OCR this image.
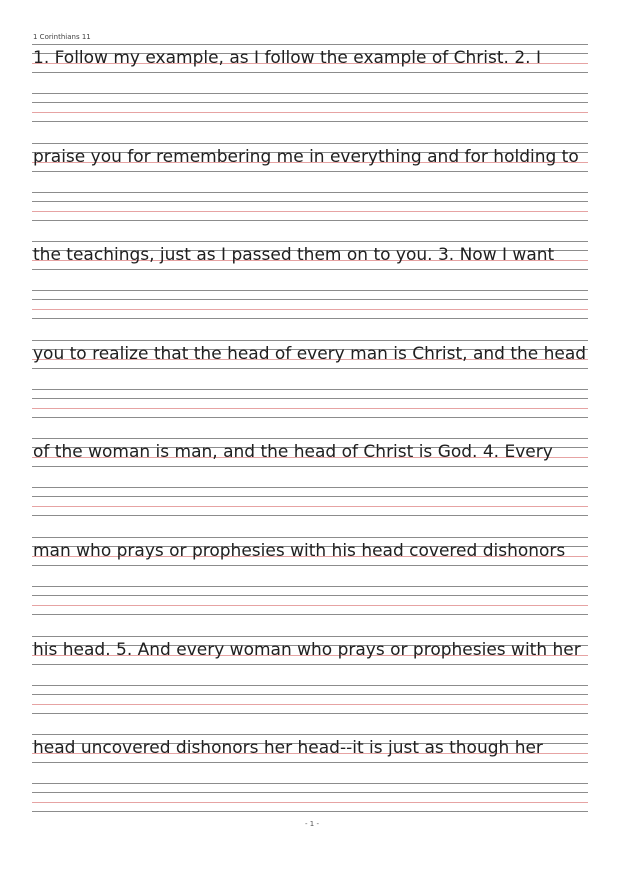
1 Corinthians 11
1. Follow my example, as I follow the example of Christ. 2. I
praise you for remembering me in everything and for holding to
the teachings, just as I passed them on to you. 3. Now I want
you to realize that the head of every man is Christ, and the head
of the woman is man, and the head of Christ is God. 4. Every
man who prays or prophesies with his head covered dishonors
his head. 5. And every woman who prays or prophesies with her
head uncovered dishonors her head--it is just as though her
- 1 -
